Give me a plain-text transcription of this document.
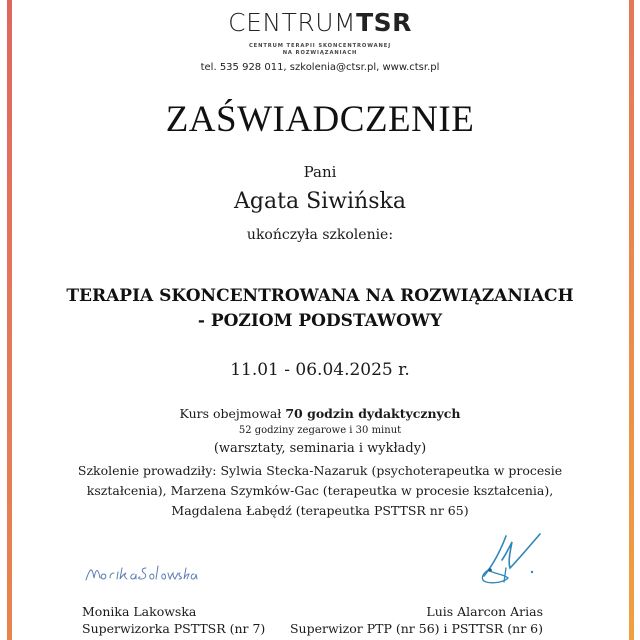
CENTRUMTSR
CENTRUM TERAPII SKONCENTROWANEJ
NA ROZWIĄZANIACH
tel. 535 928 011, szkolenia@ctsr.pl, www.ctsr.pl
ZAŚWIADCZENIE
Pani
Agata Siwińska
ukończyła szkolenie:
TERAPIA SKONCENTROWANA NA ROZWIĄZANIACH
- POZIOM PODSTAWOWY
11.01 - 06.04.2025 r.
Kurs obejmował 70 godzin dydaktycznych
52 godziny zegarowe i 30 minut
(warsztaty, seminaria i wykłady)
Szkolenie prowadziły: Sylwia Stecka-Nazaruk (psychoterapeutka w procesie
kształcenia), Marzena Szymków-Gac (terapeutka w procesie kształcenia),
Magdalena Łabędź (terapeutka PSTTSR nr 65)
Monika Lakowska
Superwizorka PSTTSR (nr 7)
Luis Alarcon Arias
Superwizor PTP (nr 56) i PSTTSR (nr 6)
